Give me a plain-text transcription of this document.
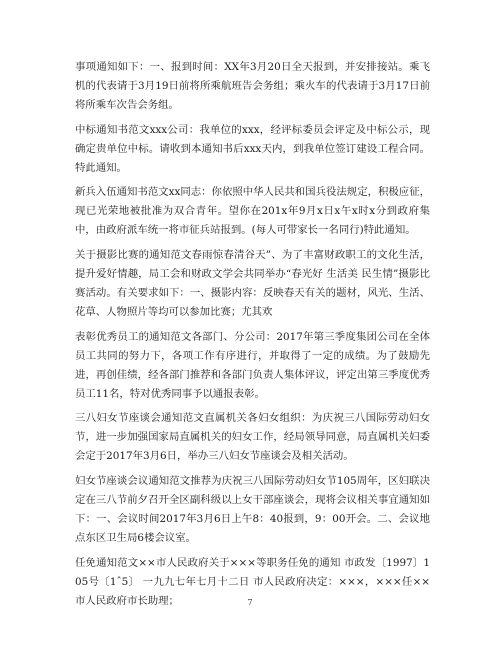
事项通知如下：一、报到时间：XX年3月20日全天报到，并安排接站。乘飞机的代表请于3月19日前将所乘航班告会务组；乘火车的代表请于3月17日前将所乘车次告会务组。

中标通知书范文xxx公司：我单位的xxx，经评标委员会评定及中标公示，现确定贵单位中标。请收到本通知书后xxx天内，到我单位签订建设工程合同。特此通知。

新兵入伍通知书范文xx同志：你依照中华人民共和国兵役法规定，积极应征，现已光荣地被批准为双合青年。望你在201x年9月x日x午x时x分到政府集中，由政府派车统一将市征兵站报到。(每人可带家长一名同行)特此通知。

关于摄影比赛的通知范文春雨惊春清谷天”、为了丰富财政职工的文化生活，提升爱好情趣，局工会和财政文学会共同举办“春光好 生活美 民生情”摄影比赛活动。有关要求如下：一、摄影内容：反映春天有关的题材，风光、生活、花草、人物照片等均可以参加比赛；尤其欢

表彰优秀员工的通知范文各部门、分公司：2017年第三季度集团公司在全体员工共同的努力下，各项工作有序进行，并取得了一定的成绩。为了鼓励先进，再创佳绩，经各部门推荐和各部门负责人集体评议，评定出第三季度优秀员工11名，特对优秀同事予以通报表彰。

三八妇女节座谈会通知范文直属机关各妇女组织：为庆祝三八国际劳动妇女节，进一步加强国家局直属机关的妇女工作，经局领导同意，局直属机关妇委会定于2017年3月6日，举办三八妇女节座谈会及相关活动。

妇女节座谈会议通知范文推荐为庆祝三八国际劳动妇女节105周年，区妇联决定在三八节前夕召开全区副科级以上女干部座谈会，现将会议相关事宜通知如下：一、会议时间2017年3月6日上午8：40报到，9：00开会。二、会议地点东区卫生局6楼会议室。

任免通知范文××市人民政府关于×××等职务任免的通知 市政发〔1997〕105号〔1ˆ5〕 一九九七年七月十二日 市人民政府决定：×××，×××任××市人民政府市长助理；	7
